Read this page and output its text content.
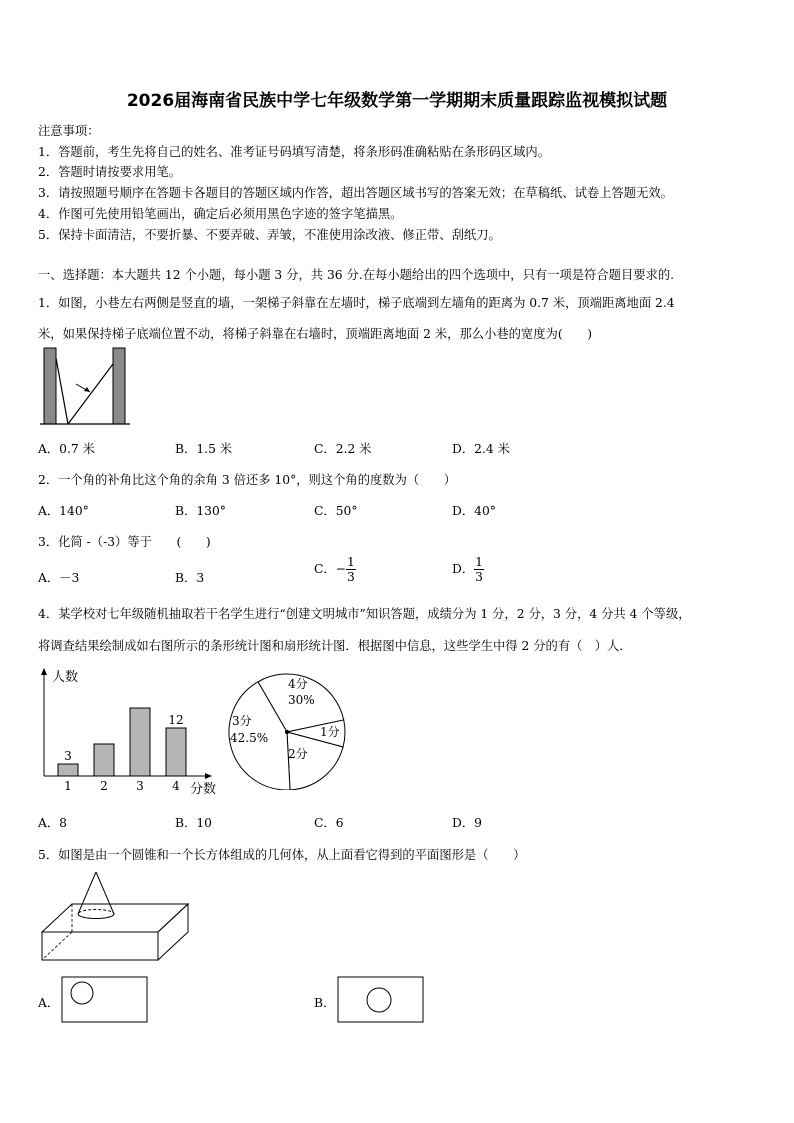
2026届海南省民族中学七年级数学第一学期期末质量跟踪监视模拟试题
注意事项：
1．答题前，考生先将自己的姓名、准考证号码填写清楚，将条形码准确粘贴在条形码区域内。
2．答题时请按要求用笔。
3．请按照题号顺序在答题卡各题目的答题区域内作答，超出答题区域书写的答案无效；在草稿纸、试卷上答题无效。
4．作图可先使用铅笔画出，确定后必须用黑色字迹的签字笔描黑。
5．保持卡面清洁，不要折暴、不要弄破、弄皱，不准使用涂改液、修正带、刮纸刀。
一、选择题：本大题共 12 个小题，每小题 3 分，共 36 分.在每小题给出的四个选项中，只有一项是符合题目要求的.
1．如图，小巷左右两侧是竖直的墙，一架梯子斜靠在左墙时，梯子底端到左墙角的距离为 0.7 米，顶端距离地面 2.4
米，如果保持梯子底端位置不动，将梯子斜靠在右墙时，顶端距离地面 2 米，那么小巷的宽度为(　　)
A．0.7 米	B．1.5 米	C．2.2 米	D．2.4 米
2．一个角的补角比这个角的余角 3 倍还多 10°，则这个角的度数为（　　）
A．140°	B．130°	C．50°	D．40°
3．化简 -（-3）等于　　(　　)
A．－3	B．3
C．− $\frac{1}{3}$	D． $\frac{1}{3}$
4．某学校对七年级随机抽取若干名学生进行“创建文明城市”知识答题，成绩分为 1 分，2 分，3 分，4 分共 4 个等级，
将调查结果绘制成如右图所示的条形统计图和扇形统计图．根据图中信息，这些学生中得 2 分的有（　）人．
人数
分数
1
3
2 3 4
12
4分
30%
1分
2分
3分
42.5%
A．8	B．10	C．6	D．9
5．如图是由一个圆锥和一个长方体组成的几何体，从上面看它得到的平面图形是（　　）
A．	B．
